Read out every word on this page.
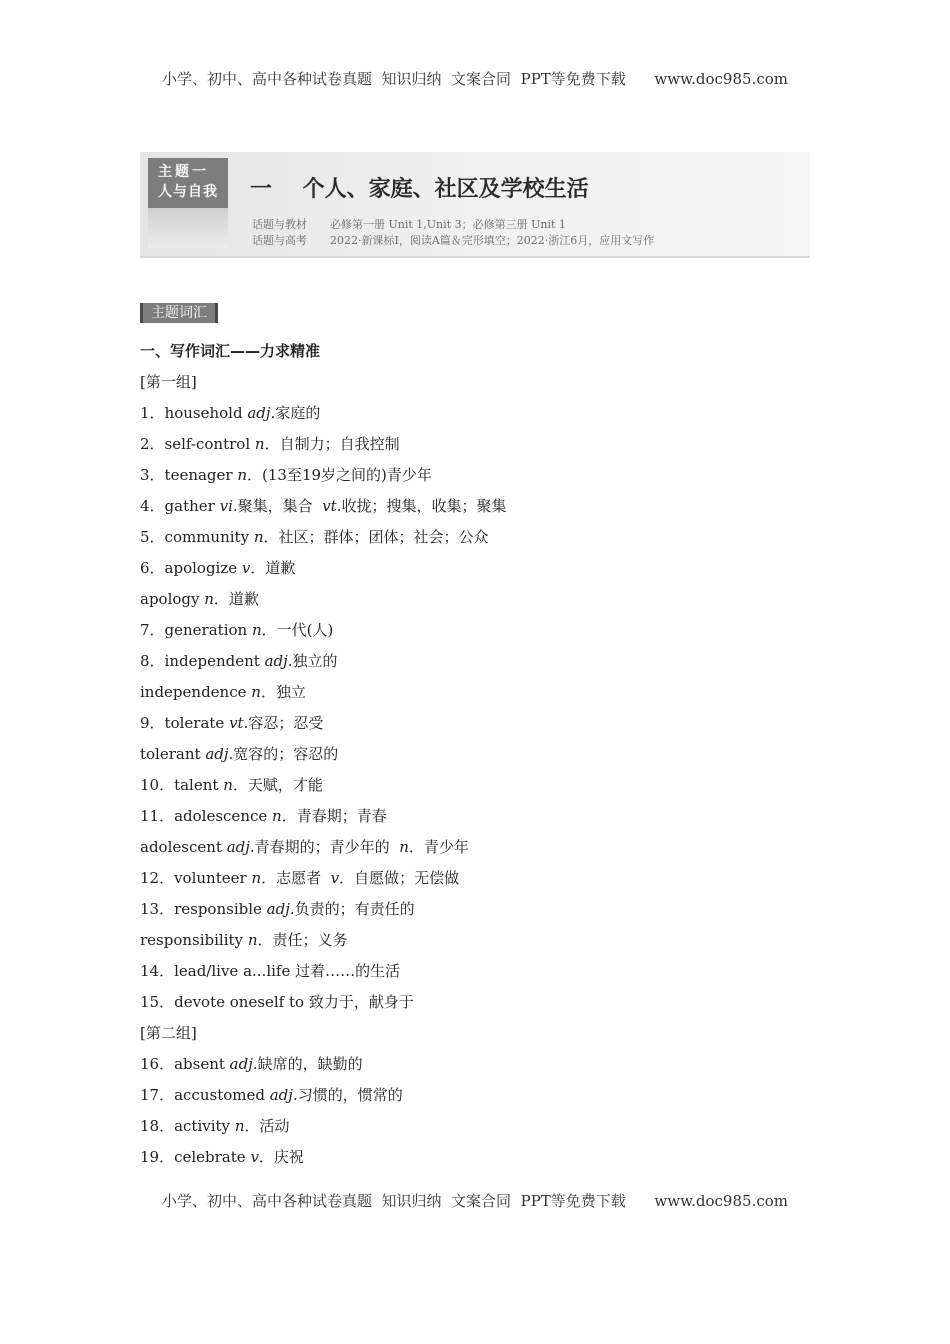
小学、初中、高中各种试卷真题  知识归纳  文案合同  PPT等免费下载      www.doc985.com
主题一
人与自我	一    个人、家庭、社区及学校生活
话题与教材 必修第一册 Unit 1,Unit 3；必修第三册 Unit 1
话题与高考 2022·新课标Ⅰ，阅读A篇＆完形填空；2022·浙江6月，应用文写作
主题词汇
一、写作词汇——力求精准
[第一组]
1．household adj.家庭的
2．self-control n．自制力；自我控制
3．teenager n．(13至19岁之间的)青少年
4．gather vi.聚集，集合  vt.收拢；搜集，收集；聚集
5．community n．社区；群体；团体；社会；公众
6．apologize v．道歉
apology n．道歉
7．generation n．一代(人)
8．independent adj.独立的
independence n．独立
9．tolerate vt.容忍；忍受
tolerant adj.宽容的；容忍的
10．talent n．天赋，才能
11．adolescence n．青春期；青春
adolescent adj.青春期的；青少年的  n．青少年
12．volunteer n．志愿者  v．自愿做；无偿做
13．responsible adj.负责的；有责任的
responsibility n．责任；义务
14．lead/live a...life 过着……的生活
15．devote oneself to 致力于，献身于
[第二组]
16．absent adj.缺席的，缺勤的
17．accustomed adj.习惯的，惯常的
18．activity n．活动
19．celebrate v．庆祝
小学、初中、高中各种试卷真题  知识归纳  文案合同  PPT等免费下载      www.doc985.com
